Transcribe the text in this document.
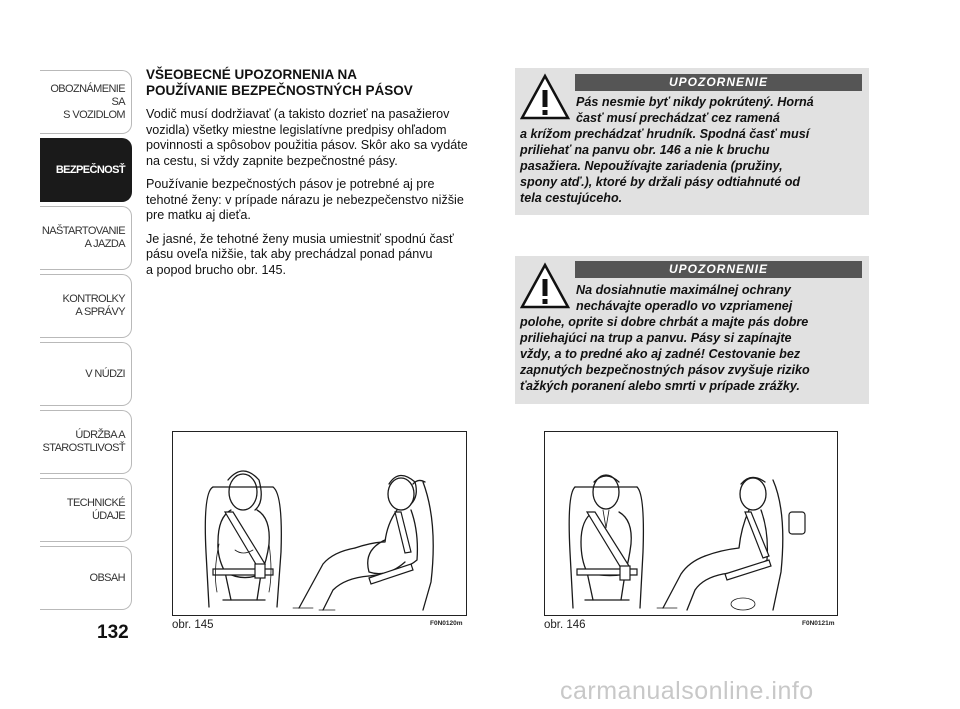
OBOZNÁMENIE SA
S VOZIDLOM
BEZPEČNOSŤ
NAŠTARTOVANIE
A JAZDA
KONTROLKY
A SPRÁVY
V NÚDZI
ÚDRŽBA A
STAROSTLIVOSŤ
TECHNICKÉ
ÚDAJE
OBSAH
132
VŠEOBECNÉ UPOZORNENIA NA
POUŽÍVANIE BEZPEČNOSTNÝCH PÁSOV

Vodič musí dodržiavať (a takisto dozrieť na pasažierov
vozidla) všetky miestne legislatívne predpisy ohľadom
povinnosti a spôsobov použitia pásov. Skôr ako sa vydáte
na cestu, si vždy zapnite bezpečnostné pásy.

Používanie bezpečnostých pásov je potrebné aj pre
tehotné ženy: v prípade nárazu je nebezpečenstvo nižšie
pre matku aj dieťa.

Je jasné, že tehotné ženy musia umiestniť spodnú časť
pásu oveľa nižšie, tak aby prechádzal ponad pánvu
a popod brucho obr. 145.

UPOZORNENIE
Pás nesmie byť nikdy pokrútený. Horná
časť musí prechádzať cez ramená
a krížom prechádzať hrudník. Spodná časť musí
priliehať na panvu obr. 146 a nie k bruchu
pasažiera. Nepoužívajte zariadenia (pružiny,
spony atď.), ktoré by držali pásy odtiahnuté od
tela cestujúceho.
UPOZORNENIE
Na dosiahnutie maximálnej ochrany
nechávajte operadlo vo vzpriamenej
polohe, oprite si dobre chrbát a majte pás dobre
priliehajúci na trup a panvu. Pásy si zapínajte
vždy, a to predné ako aj zadné! Cestovanie bez
zapnutých bezpečnostných pásov zvyšuje riziko
ťažkých poranení alebo smrti v prípade zrážky.
obr. 145	F0N0120m	obr. 146	F0N0121m
carmanualsonline.info
